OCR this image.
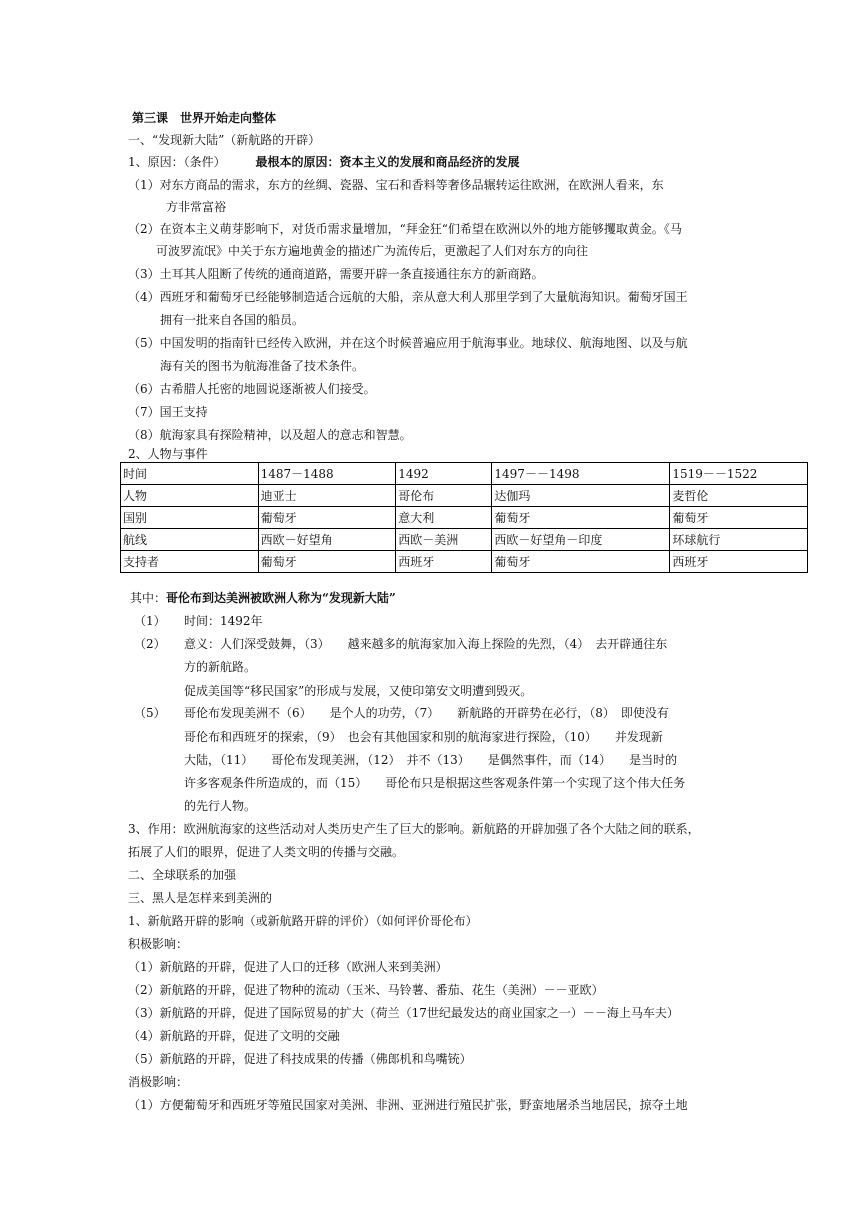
第三课　世界开始走向整体
一、“发现新大陆”（新航路的开辟）
1、原因：（条件） 最根本的原因：资本主义的发展和商品经济的发展
（1）对东方商品的需求，东方的丝绸、瓷器、宝石和香料等奢侈品辗转运往欧洲，在欧洲人看来，东
方非常富裕
（2）在资本主义萌芽影响下，对货币需求量增加，“拜金狂“们希望在欧洲以外的地方能够攫取黄金。《马
可波罗流氓》中关于东方遍地黄金的描述广为流传后，更激起了人们对东方的向往
（3）土耳其人阻断了传统的通商道路，需要开辟一条直接通往东方的新商路。
（4）西班牙和葡萄牙已经能够制造适合远航的大船，亲从意大利人那里学到了大量航海知识。葡萄牙国王
拥有一批来自各国的船员。
（5）中国发明的指南针已经传入欧洲，并在这个时候普遍应用于航海事业。地球仪、航海地图、以及与航
海有关的图书为航海准备了技术条件。
（6）古希腊人托密的地圆说逐渐被人们接受。
（7）国王支持
（8）航海家具有探险精神，以及超人的意志和智慧。
2、人物与事件
时间	1487－1488	1492	1497－－1498	1519－－1522
人物	迪亚士	哥伦布	达伽玛	麦哲伦
国别	葡萄牙	意大利	葡萄牙	葡萄牙
航线	西欧－好望角	西欧－美洲	西欧－好望角－印度	环球航行
支持者	葡萄牙	西班牙	葡萄牙	西班牙
其中：哥伦布到达美洲被欧洲人称为“发现新大陆”
（1） 时间：1492年
（2） 意义：人们深受鼓舞，（3）　　越来越多的航海家加入海上探险的先烈，（4）　去开辟通往东
方的新航路。
促成美国等“移民国家”的形成与发展，又使印第安文明遭到毁灭。
（5） 哥伦布发现美洲不（6）　　是个人的功劳，（7）　　新航路的开辟势在必行，（8）　即使没有
哥伦布和西班牙的探索，（9）　也会有其他国家和别的航海家进行探险，（10）　　并发现新
大陆，（11）　　哥伦布发现美洲，（12）　并不（13）　　是偶然事件，而（14）　　是当时的
许多客观条件所造成的，而（15）　　哥伦布只是根据这些客观条件第一个实现了这个伟大任务
的先行人物。
3、作用：欧洲航海家的这些活动对人类历史产生了巨大的影响。新航路的开辟加强了各个大陆之间的联系，
拓展了人们的眼界，促进了人类文明的传播与交融。
二、全球联系的加强
三、黑人是怎样来到美洲的
1、新航路开辟的影响（或新航路开辟的评价）（如何评价哥伦布）
积极影响：
（1）新航路的开辟，促进了人口的迁移（欧洲人来到美洲）
（2）新航路的开辟，促进了物种的流动（玉米、马铃薯、番茄、花生（美洲）－－亚欧）
（3）新航路的开辟，促进了国际贸易的扩大（荷兰（17世纪最发达的商业国家之一）－－海上马车夫）
（4）新航路的开辟，促进了文明的交融
（5）新航路的开辟，促进了科技成果的传播（佛郎机和鸟嘴铳）
消极影响：
（1）方便葡萄牙和西班牙等殖民国家对美洲、非洲、亚洲进行殖民扩张，野蛮地屠杀当地居民，掠夺土地
